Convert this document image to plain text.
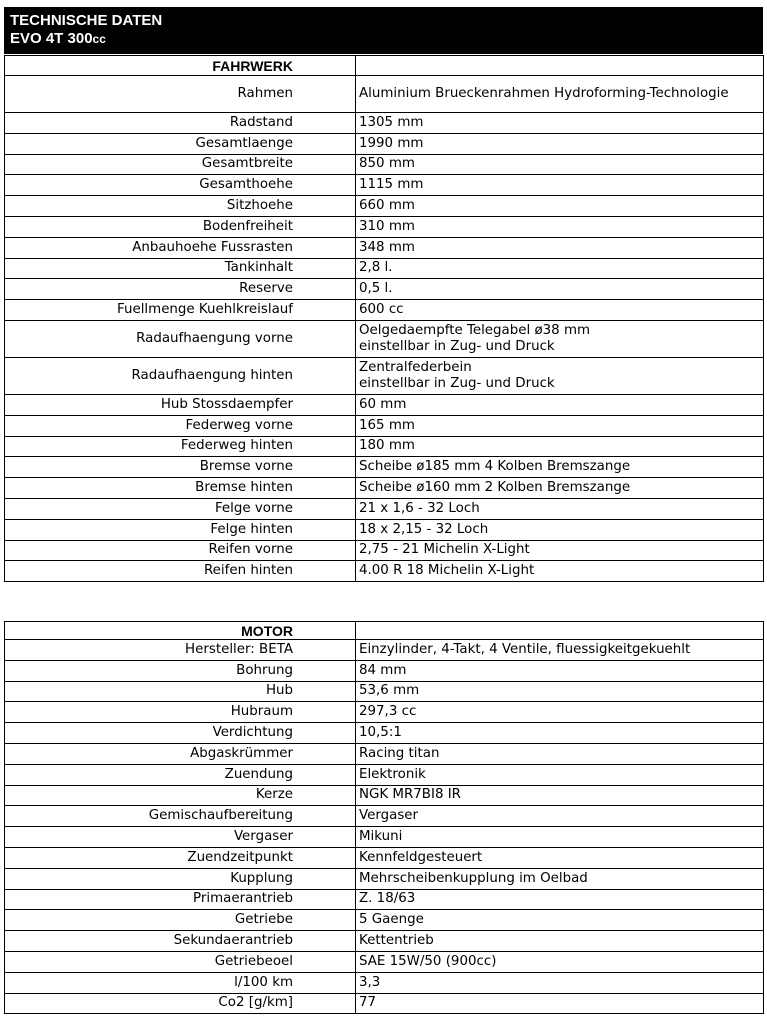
TECHNISCHE DATEN
EVO 4T 300cc
FAHRWERK	
Rahmen	Aluminium Brueckenrahmen Hydroforming-Technologie

Radstand	1305 mm

Gesamtlaenge	1990 mm

Gesamtbreite	850 mm

Gesamthoehe	1115 mm

Sitzhoehe	660 mm

Bodenfreiheit	310 mm

Anbauhoehe Fussrasten	348 mm

Tankinhalt	2,8 l.

Reserve	0,5 l.

Fuellmenge Kuehlkreislauf	600 cc

Radaufhaengung vorne	Oelgedaempfte Telegabel ø38 mm
einstellbar in Zug- und Druck

Radaufhaengung hinten	Zentralfederbein
einstellbar in Zug- und Druck

Hub Stossdaempfer	60 mm

Federweg vorne	165 mm

Federweg hinten	180 mm

Bremse vorne	Scheibe ø185 mm 4 Kolben Bremszange

Bremse hinten	Scheibe ø160 mm 2 Kolben Bremszange

Felge vorne	21 x 1,6 - 32 Loch

Felge hinten	18 x 2,15 - 32 Loch

Reifen vorne	2,75 - 21 Michelin X-Light

Reifen hinten	4.00 R 18 Michelin X-Light
MOTOR	
Hersteller: BETA	Einzylinder, 4-Takt, 4 Ventile, fluessigkeitgekuehlt

Bohrung	84 mm

Hub	53,6 mm

Hubraum	297,3 cc

Verdichtung	10,5:1

Abgaskrümmer	Racing titan

Zuendung	Elektronik

Kerze	NGK MR7BI8 IR

Gemischaufbereitung	Vergaser

Vergaser	Mikuni

Zuendzeitpunkt	Kennfeldgesteuert

Kupplung	Mehrscheibenkupplung im Oelbad

Primaerantrieb	Z. 18/63

Getriebe	5 Gaenge

Sekundaerantrieb	Kettentrieb

Getriebeoel	SAE 15W/50 (900cc)

l/100 km	3,3

Co2 [g/km]	77
